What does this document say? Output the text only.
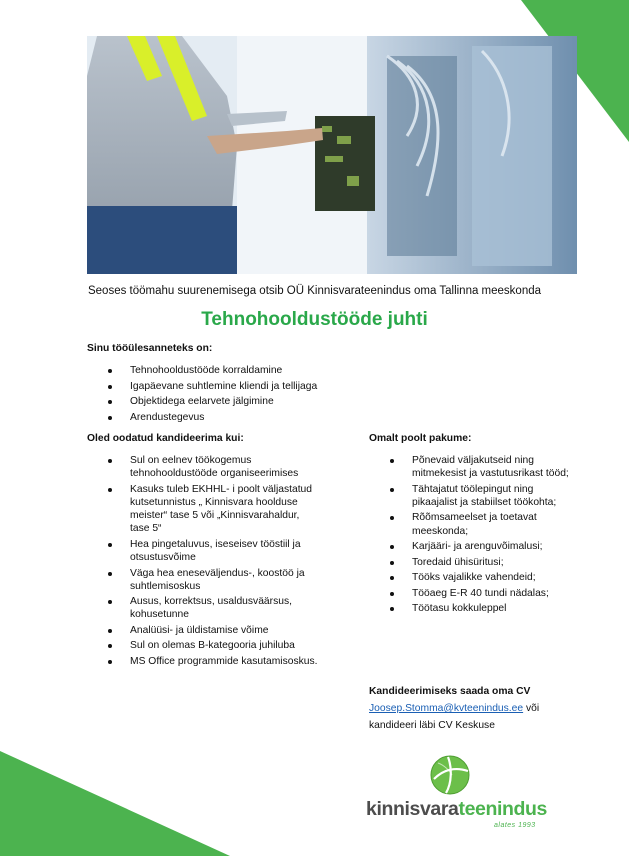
Seoses töömahu suurenemisega otsib OÜ Kinnisvarateenindus oma Tallinna meeskonda
Tehnohooldustööde juhti
Sinu tööülesanneteks on:
Tehnohooldustööde korraldamine
Igapäevane suhtlemine kliendi ja tellijaga
Objektidega eelarvete jälgimine
Arendustegevus
Oled oodatud kandideerima kui:
Sul on eelnev töökogemus tehnohooldustööde organiseerimises
Kasuks tuleb EKHHL- i poolt väljastatud kutsetunnistus „ Kinnisvara hoolduse meister“ tase 5 või „Kinnisvarahaldur, tase 5“
Hea pingetaluvus, iseseisev tööstiil ja otsustusvõime
Väga hea eneseväljendus-, koostöö ja suhtlemisoskus
Ausus, korrektsus, usaldusväärsus, kohusetunne
Analüüsi- ja üldistamise võime
Sul on olemas B-kategooria juhiluba
MS Office programmide kasutamisoskus.
Omalt poolt pakume:
Põnevaid väljakutseid ning mitmekesist ja vastutusrikast tööd;
Tähtajatut töölepingut ning pikaajalist ja stabiilset töökohta;
Rõõmsameelset ja toetavat meeskonda;
Karjääri- ja arenguvõimalusi;
Toredaid ühisüritusi;
Tööks vajalikke vahendeid;
Tööaeg E-R 40 tundi nädalas;
Töötasu kokkuleppel
Kandideerimiseks saada oma CV
Joosep.Stomma@kvteenindus.ee või
kandideeri läbi CV Keskuse
kinnisvarateenindus
alates 1993
